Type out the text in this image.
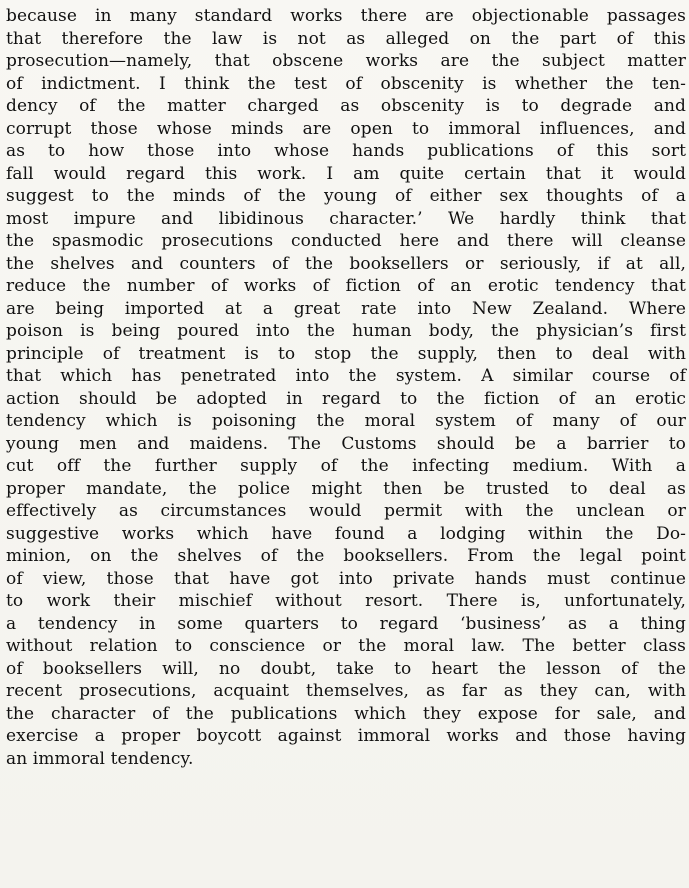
because in many standard works there are objectionable passages
that therefore the law is not as alleged on the part of this
prosecution—namely, that obscene works are the subject matter
of indictment. I think the test of obscenity is whether the ten-
dency of the matter charged as obscenity is to degrade and
corrupt those whose minds are open to immoral influences, and
as to how those into whose hands publications of this sort
fall would regard this work. I am quite certain that it would
suggest to the minds of the young of either sex thoughts of a
most impure and libidinous character.’ We hardly think that
the spasmodic prosecutions conducted here and there will cleanse
the shelves and counters of the booksellers or seriously, if at all,
reduce the number of works of fiction of an erotic tendency that
are being imported at a great rate into New Zealand. Where
poison is being poured into the human body, the physician’s first
principle of treatment is to stop the supply, then to deal with
that which has penetrated into the system. A similar course of
action should be adopted in regard to the fiction of an erotic
tendency which is poisoning the moral system of many of our
young men and maidens. The Customs should be a barrier to
cut off the further supply of the infecting medium. With a
proper mandate, the police might then be trusted to deal as
effectively as circumstances would permit with the unclean or
suggestive works which have found a lodging within the Do-
minion, on the shelves of the booksellers. From the legal point
of view, those that have got into private hands must continue
to work their mischief without resort. There is, unfortunately,
a tendency in some quarters to regard ‘business’ as a thing
without relation to conscience or the moral law. The better class
of booksellers will, no doubt, take to heart the lesson of the
recent prosecutions, acquaint themselves, as far as they can, with
the character of the publications which they expose for sale, and
exercise a proper boycott against immoral works and those having
an immoral tendency.
